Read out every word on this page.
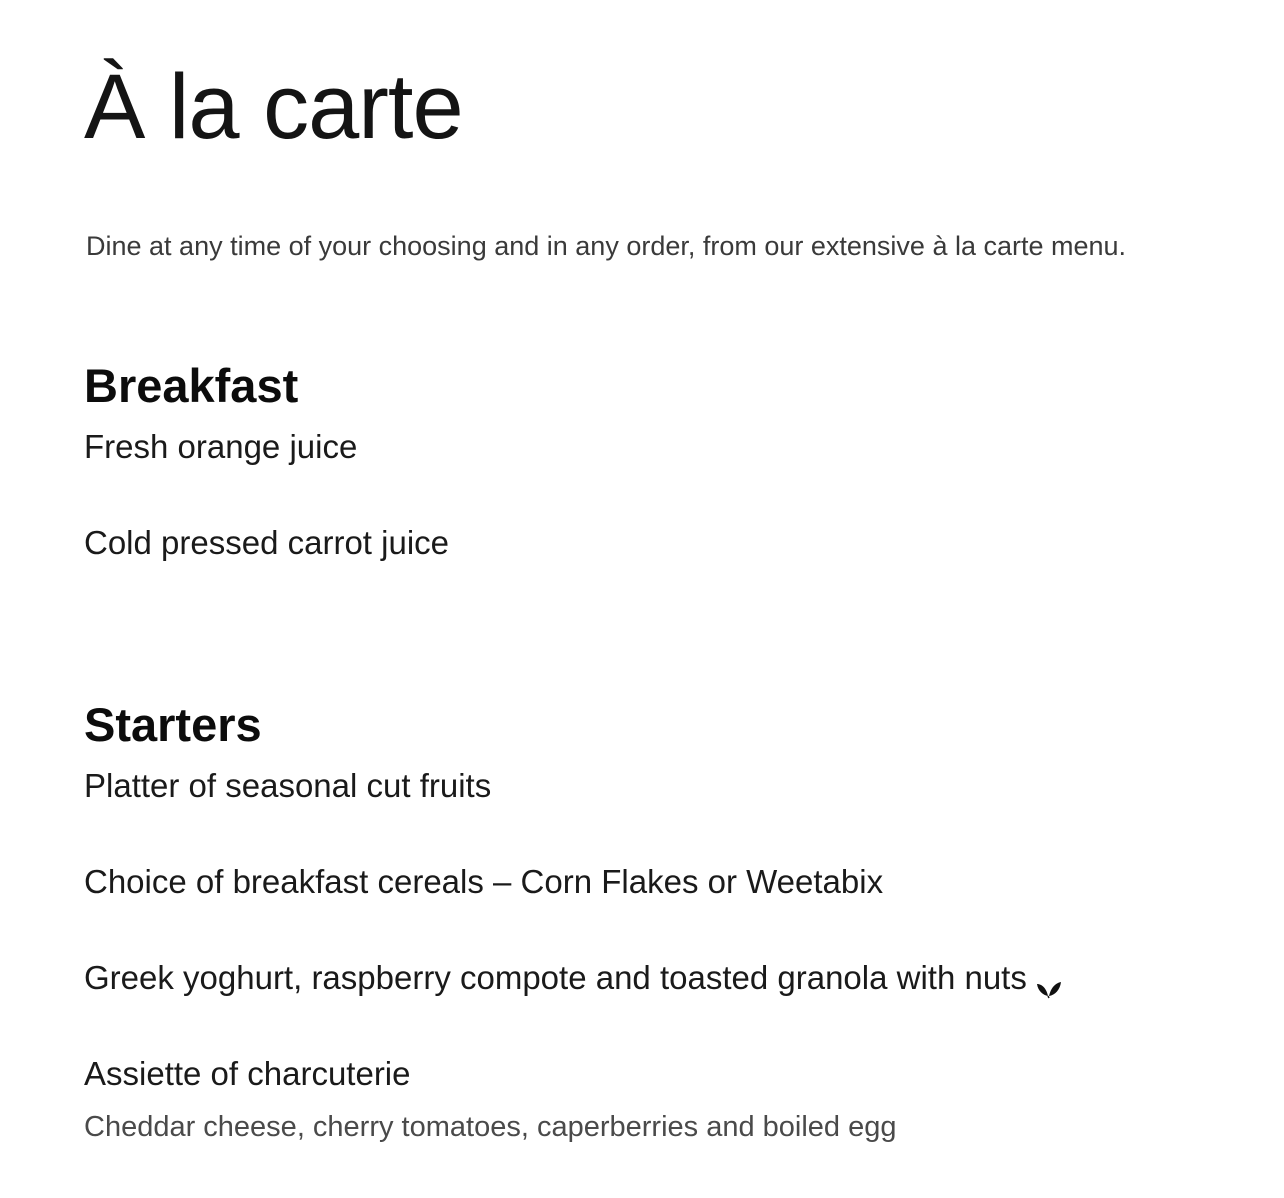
À la carte

Dine at any time of your choosing and in any order, from our extensive à la carte menu.

Breakfast

Fresh orange juice

Cold pressed carrot juice

Starters

Platter of seasonal cut fruits

Choice of breakfast cereals – Corn Flakes or Weetabix

Greek yoghurt, raspberry compote and toasted granola with nuts

Assiette of charcuterie

Cheddar cheese, cherry tomatoes, caperberries and boiled egg
